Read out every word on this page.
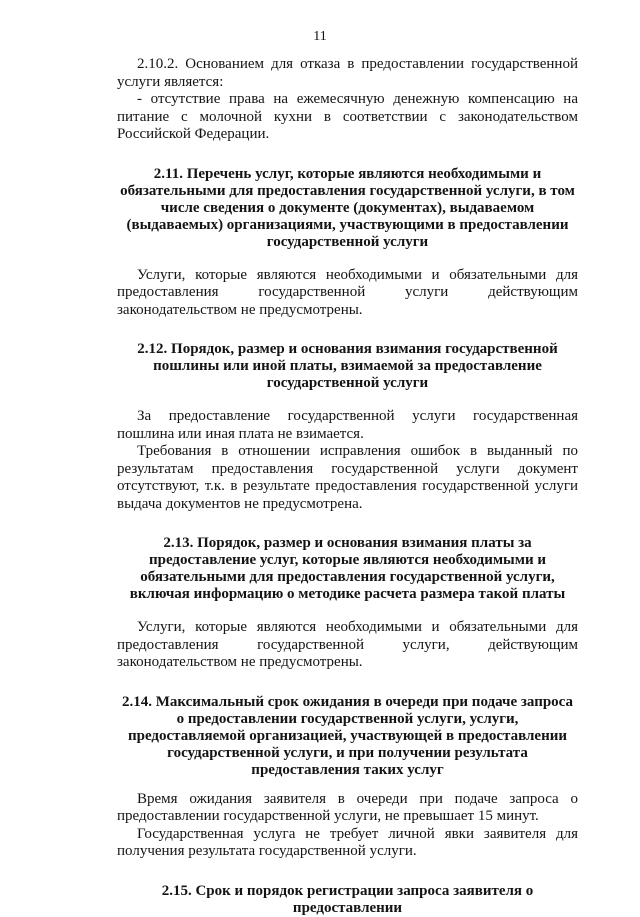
11

2.10.2. Основанием для отказа в предоставлении государственной услуги является:

- отсутствие права на ежемесячную денежную компенсацию на питание с молочной кухни в соответствии с законодательством Российской Федерации.

2.11. Перечень услуг, которые являются необходимыми и обязательными для предоставления государственной услуги, в том числе сведения о документе (документах), выдаваемом (выдаваемых) организациями, участвующими в предоставлении государственной услуги

Услуги, которые являются необходимыми и обязательными для предоставления государственной услуги действующим законодательством не предусмотрены.

2.12. Порядок, размер и основания взимания государственной пошлины или иной платы, взимаемой за предоставление государственной услуги

За предоставление государственной услуги государственная пошлина или иная плата не взимается.

Требования в отношении исправления ошибок в выданный по результатам предоставления государственной услуги документ отсутствуют, т.к. в результате предоставления государственной услуги выдача документов не предусмотрена.

2.13. Порядок, размер и основания взимания платы за предоставление услуг, которые являются необходимыми и обязательными для предоставления государственной услуги, включая информацию о методике расчета размера такой платы

Услуги, которые являются необходимыми и обязательными для предоставления государственной услуги, действующим законодательством не предусмотрены.

2.14. Максимальный срок ожидания в очереди при подаче запроса о предоставлении государственной услуги, услуги, предоставляемой организацией, участвующей в предоставлении государственной услуги, и при получении результата предоставления таких услуг

Время ожидания заявителя в очереди при подаче запроса о предоставлении государственной услуги, не превышает 15 минут.

Государственная услуга не требует личной явки заявителя для получения результата государственной услуги.

2.15. Срок и порядок регистрации запроса заявителя о предоставлении
